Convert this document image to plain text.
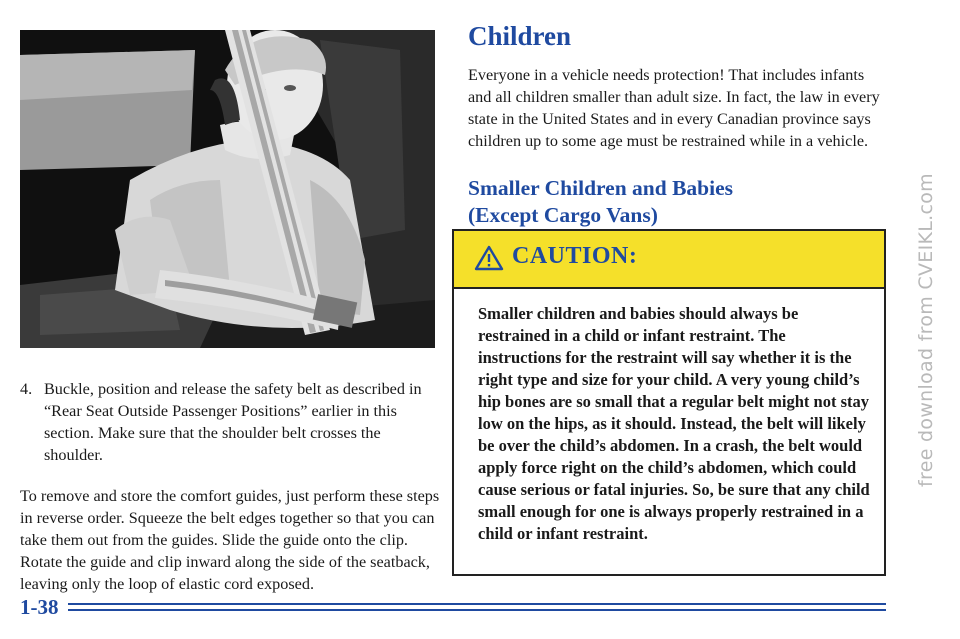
4. Buckle, position and release the safety belt as described in “Rear Seat Outside Passenger Positions” earlier in this section. Make sure that the shoulder belt crosses the shoulder.

To remove and store the comfort guides, just perform these steps in reverse order. Squeeze the belt edges together so that you can take them out from the guides. Slide the guide onto the clip. Rotate the guide and clip inward along the side of the seatback, leaving only the loop of elastic cord exposed.

Children

Everyone in a vehicle needs protection! That includes infants and all children smaller than adult size. In fact, the law in every state in the United States and in every Canadian province says children up to some age must be restrained while in a vehicle.

Smaller Children and Babies
(Except Cargo Vans)
CAUTION:

Smaller children and babies should always be restrained in a child or infant restraint. The instructions for the restraint will say whether it is the right type and size for your child. A very young child’s hip bones are so small that a regular belt might not stay low on the hips, as it should. Instead, the belt will likely be over the child’s abdomen. In a crash, the belt would apply force right on the child’s abdomen, which could cause serious or fatal injuries. So, be sure that any child small enough for one is always properly restrained in a child or infant restraint.

1-38
free download from CVEIKL.com
